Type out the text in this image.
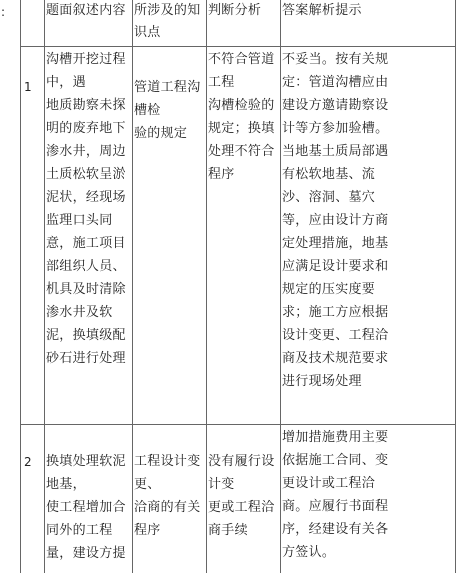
:	题面叙述内容 所涉及的知
识点
判断分析	答案解析提示
1
沟槽开挖过程
中，遇
地质勘察未探
明的废弃地下
渗水井，周边
土质松软呈淤
泥状，经现场
监理口头同
意，施工项目
部组织人员、
机具及时清除
渗水井及软
泥，换填级配
砂石进行处理
管道工程沟
槽检
验的规定
不符合管道
工程
沟槽检验的
规定；换填
处理不符合
程序
不妥当。按有关规
定：管道沟槽应由
建设方邀请勘察设
计等方参加验槽。
当地基土质局部遇
有松软地基、流
沙、溶洞、墓穴
等，应由设计方商
定处理措施，地基
应满足设计要求和
规定的压实度要
求；施工方应根据
设计变更、工程洽
商及技术规范要求
进行现场处理
2 换填处理软泥
地基，
使工程增加合
同外的工程
量，建设方提
工程设计变
更、
洽商的有关
程序
没有履行设
计变
更或工程洽
商手续
增加措施费用主要
依据施工合同、变
更设计或工程洽
商。应履行书面程
序，经建设有关各
方签认。
